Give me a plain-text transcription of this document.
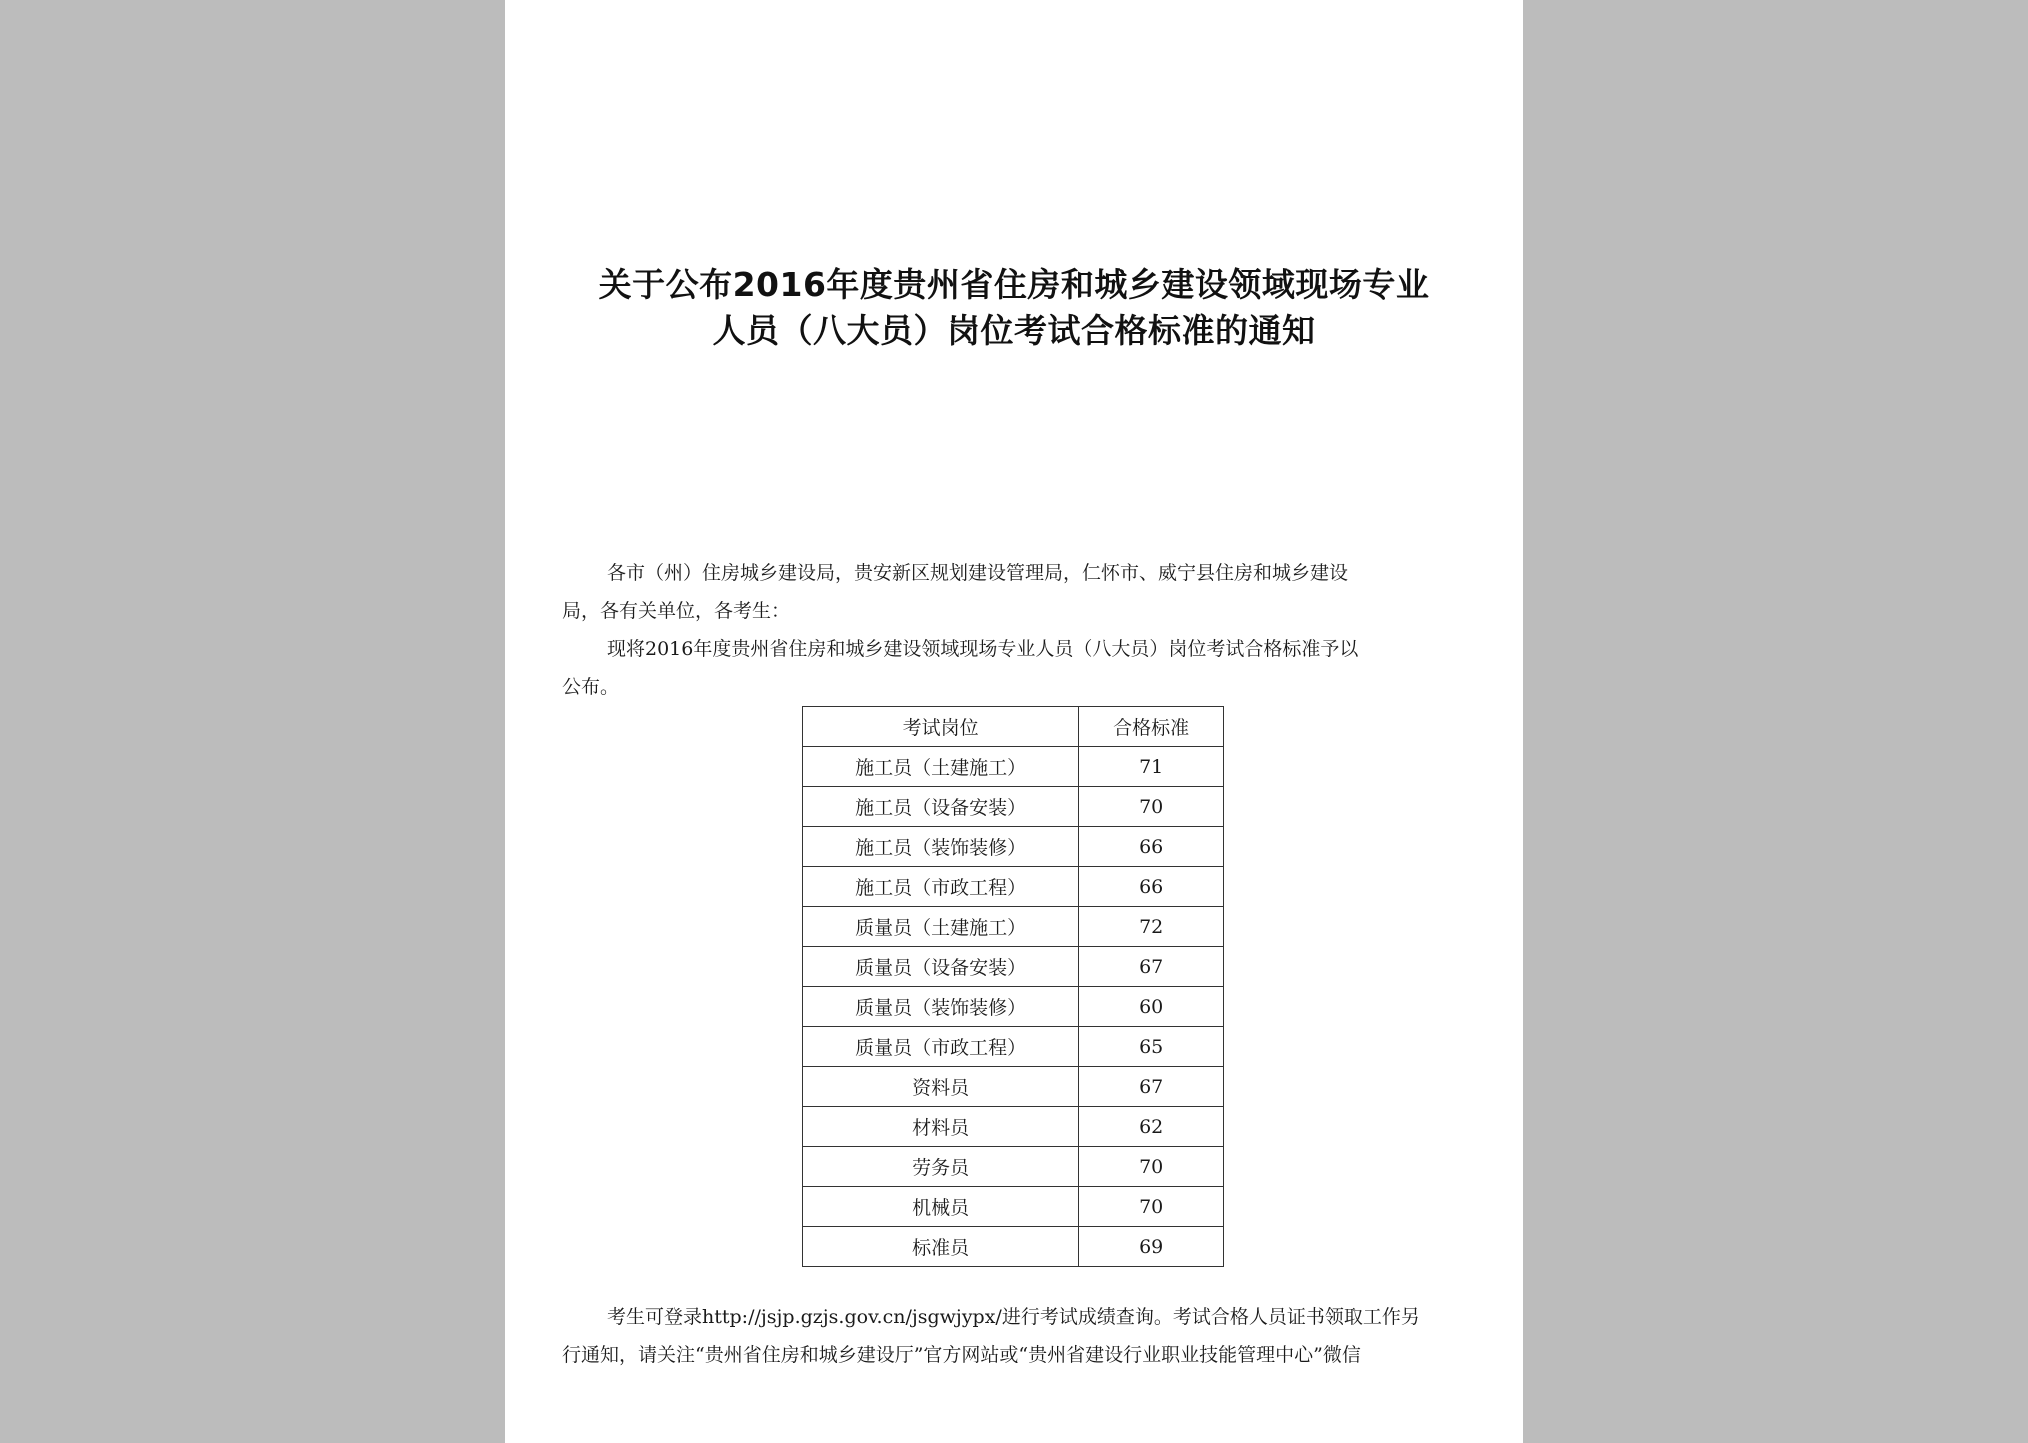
关于公布2016年度贵州省住房和城乡建设领域现场专业
人员（八大员）岗位考试合格标准的通知
各市（州）住房城乡建设局，贵安新区规划建设管理局，仁怀市、威宁县住房和城乡建设
局，各有关单位，各考生：
现将2016年度贵州省住房和城乡建设领域现场专业人员（八大员）岗位考试合格标准予以
公布。
考试岗位	合格标准
施工员（土建施工）	71
施工员（设备安装）	70
施工员（装饰装修）	66
施工员（市政工程）	66
质量员（土建施工）	72
质量员（设备安装）	67
质量员（装饰装修）	60
质量员（市政工程）	65
资料员	67
材料员	62
劳务员	70
机械员	70
标准员	69
考生可登录http://jsjp.gzjs.gov.cn/jsgwjypx/进行考试成绩查询。考试合格人员证书领取工作另
行通知，请关注“贵州省住房和城乡建设厅”官方网站或“贵州省建设行业职业技能管理中心”微信
